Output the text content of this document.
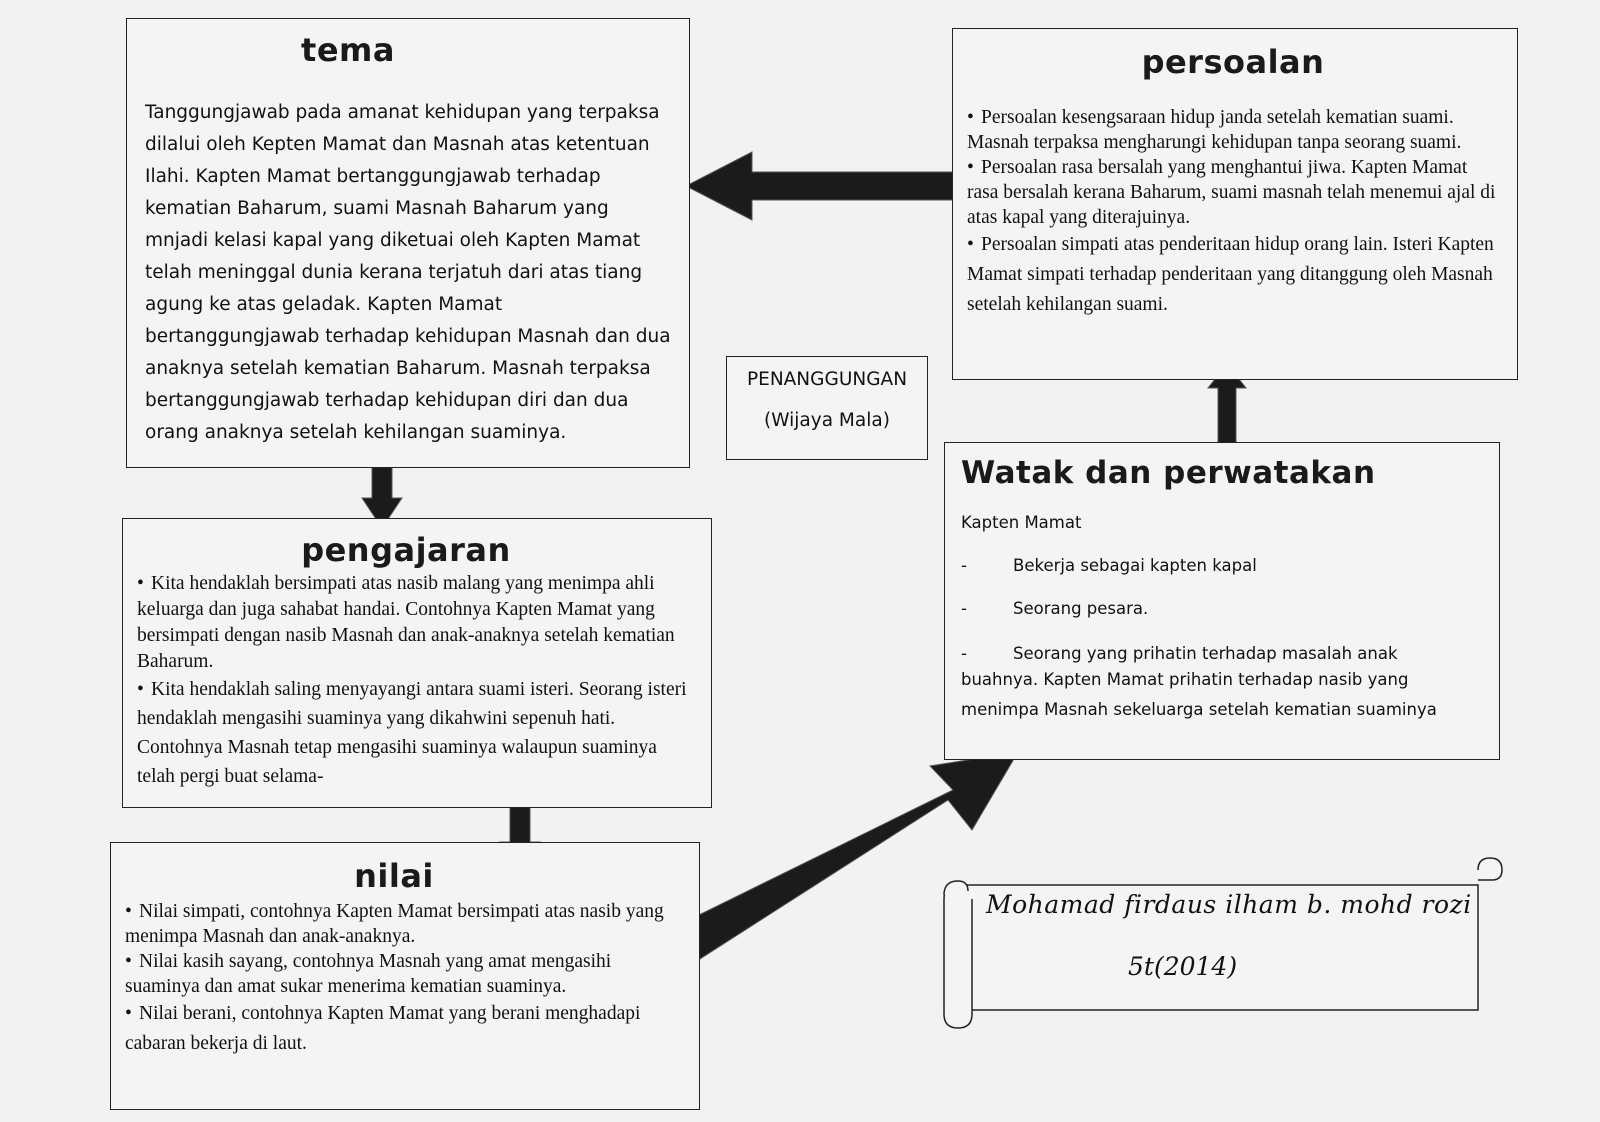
tema
Tanggungjawab pada amanat kehidupan yang terpaksa dilalui oleh Kepten Mamat dan Masnah atas ketentuan Ilahi. Kapten Mamat bertanggungjawab terhadap kematian Baharum, suami Masnah Baharum yang mnjadi kelasi kapal yang diketuai oleh Kapten Mamat telah meninggal dunia kerana terjatuh dari atas tiang agung ke atas geladak. Kapten Mamat bertanggungjawab terhadap kehidupan Masnah dan dua anaknya setelah kematian Baharum. Masnah terpaksa bertanggungjawab terhadap kehidupan diri dan dua orang anaknya setelah kehilangan suaminya.
persoalan
• Persoalan kesengsaraan hidup janda setelah kematian suami. Masnah terpaksa mengharungi kehidupan tanpa seorang suami.
• Persoalan rasa bersalah yang menghantui jiwa. Kapten Mamat rasa bersalah kerana Baharum, suami masnah telah menemui ajal di atas kapal yang diterajuinya.
• Persoalan simpati atas penderitaan hidup orang lain. Isteri Kapten Mamat simpati terhadap penderitaan yang ditanggung oleh Masnah setelah kehilangan suami.
PENANGGUNGAN
(Wijaya Mala)
pengajaran
• Kita hendaklah bersimpati atas nasib malang yang menimpa ahli keluarga dan juga sahabat handai. Contohnya Kapten Mamat yang bersimpati dengan nasib Masnah dan anak-anaknya setelah kematian Baharum.
• Kita hendaklah saling menyayangi antara suami isteri. Seorang isteri hendaklah mengasihi suaminya yang dikahwini sepenuh hati. Contohnya Masnah tetap mengasihi suaminya walaupun suaminya telah pergi buat selama-
Watak dan perwatakan
Kapten Mamat
-	Bekerja sebagai kapten kapal
-	Seorang pesara.
-	Seorang yang prihatin terhadap masalah anak
buahnya. Kapten Mamat prihatin terhadap nasib yang menimpa Masnah sekeluarga setelah kematian suaminya
nilai
• Nilai simpati, contohnya Kapten Mamat bersimpati atas nasib yang menimpa Masnah dan anak-anaknya.
• Nilai kasih sayang, contohnya Masnah yang amat mengasihi suaminya dan amat sukar menerima kematian suaminya.
• Nilai berani, contohnya Kapten Mamat yang berani menghadapi cabaran bekerja di laut.
Mohamad firdaus ilham b. mohd rozi
5t(2014)
